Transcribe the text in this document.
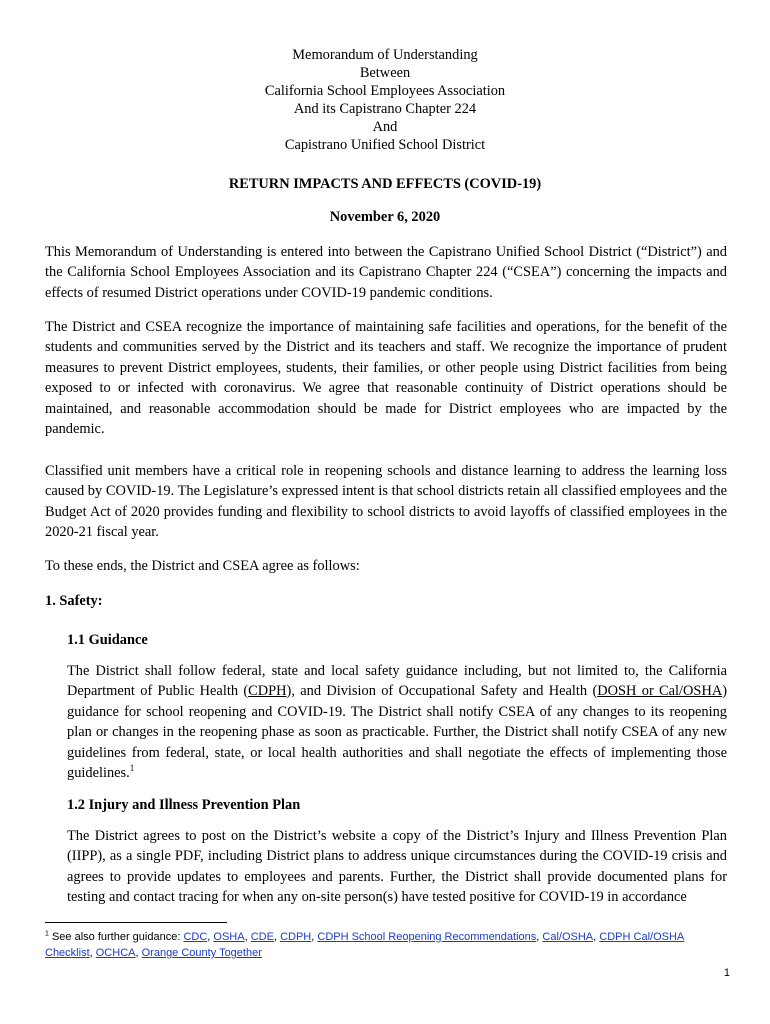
Memorandum of Understanding
Between
California School Employees Association
And its Capistrano Chapter 224
And
Capistrano Unified School District
RETURN IMPACTS AND EFFECTS (COVID-19)
November 6, 2020
This Memorandum of Understanding is entered into between the Capistrano Unified School District (“District”) and the California School Employees Association and its Capistrano Chapter 224 (“CSEA”) concerning the impacts and effects of resumed District operations under COVID-19 pandemic conditions.
The District and CSEA recognize the importance of maintaining safe facilities and operations, for the benefit of the students and communities served by the District and its teachers and staff. We recognize the importance of prudent measures to prevent District employees, students, their families, or other people using District facilities from being exposed to or infected with coronavirus. We agree that reasonable continuity of District operations should be maintained, and reasonable accommodation should be made for District employees who are impacted by the pandemic.
Classified unit members have a critical role in reopening schools and distance learning to address the learning loss caused by COVID-19. The Legislature’s expressed intent is that school districts retain all classified employees and the Budget Act of 2020 provides funding and flexibility to school districts to avoid layoffs of classified employees in the 2020-21 fiscal year.
To these ends, the District and CSEA agree as follows:
1. Safety:
1.1 Guidance
The District shall follow federal, state and local safety guidance including, but not limited to, the California Department of Public Health (CDPH), and Division of Occupational Safety and Health (DOSH or Cal/OSHA) guidance for school reopening and COVID-19. The District shall notify CSEA of any changes to its reopening plan or changes in the reopening phase as soon as practicable. Further, the District shall notify CSEA of any new guidelines from federal, state, or local health authorities and shall negotiate the effects of implementing those guidelines.$^1$
1.2 Injury and Illness Prevention Plan
The District agrees to post on the District’s website a copy of the District’s Injury and Illness Prevention Plan (IIPP), as a single PDF, including District plans to address unique circumstances during the COVID-19 crisis and agrees to provide updates to employees and parents. Further, the District shall provide documented plans for testing and contact tracing for when any on-site person(s) have tested positive for COVID-19 in accordance
$^1$ See also further guidance: CDC, OSHA, CDE, CDPH, CDPH School Reopening Recommendations, Cal/OSHA, CDPH Cal/OSHA Checklist, OCHCA, Orange County Together
1
